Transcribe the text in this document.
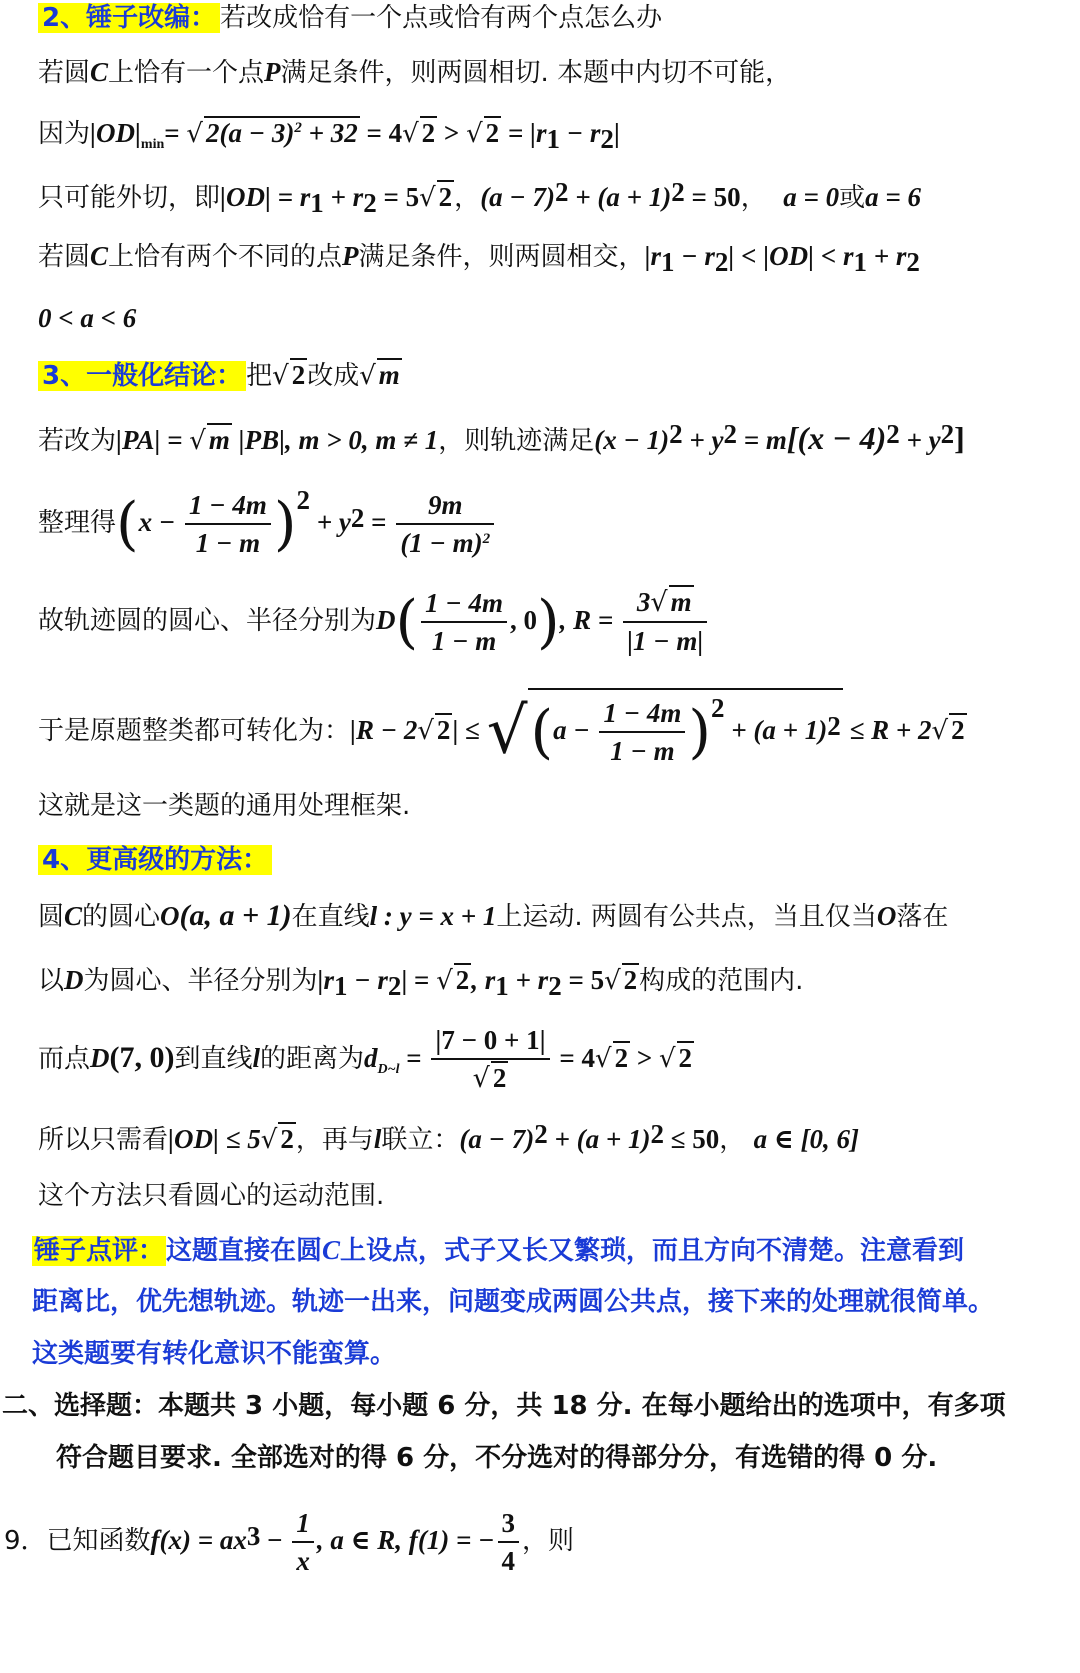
2、锤子改编： 若改成恰有一个点或恰有两个点怎么办
若圆C上恰有一个点P满足条件，则两圆相切. 本题中内切不可能，
因为$|OD|_{min}=$ √ $2(a - 3)^2 + 32 = 4√$ 2 > √ $2 = |r_1 - r_2|$
只可能外切，即$|OD| = r_1 + r_2 = 5√$ 2，$(a - 7)^2 + (a + 1)^2 = 50$， a = 0或a = 6
若圆C上恰有两个不同的点P满足条件，则两圆相交，$|r_1 - r_2| < |OD| < r_1 + r_2$
0 < a < 6
3、一般化结论： 把√ 2改成√ m
若改为|PA| = √ m |PB|, m > 0, m ≠ 1，则轨迹满足$(x - 1)^2 + y^2 = m[(x - 4)^2 + y^2]$
整理得$(x - \frac{1 - 4m}{1 - m} )^2 + y^2 = \frac{9m}{(1 - m)^2}$
故轨迹圆的圆心、半径分别为$D( \frac{1 - 4m}{1 - m}$ , 0), $R = \frac{3√ m}{|1 - m|}$
于是原题整类都可转化为：|R − 2√ $2| \le √(a - \frac{1 - 4m}{1 - m} )^2 + (a + 1)^2 \le R + 2√$ 2
这就是这一类题的通用处理框架.
4、更高级的方法：
圆C的圆心O(a, a + 1)在直线l : y = x + 1上运动. 两圆有公共点，当且仅当O落在
以D为圆心、半径分别为$|r_1 - r_2|$ = √ 2, $r_1 + r_2 = 5√$ 2构成的范围内.
而点D(7, 0)到直线l的距离为$d_{D\sim l} = \frac{|7 - 0 + 1|}{√ 2} = 4√$ 2 > √ 2
所以只需看|OD| ≤ 5√ 2，再与l联立：$(a - 7)^2 + (a + 1)^2 \le 50$， a ∈ [0, 6]
这个方法只看圆心的运动范围.
锤子点评：这题直接在圆C上设点，式子又长又繁琐，而且方向不清楚。注意看到
距离比，优先想轨迹。轨迹一出来，问题变成两圆公共点，接下来的处理就很简单。
这类题要有转化意识不能蛮算。
二、选择题：本题共 3 小题，每小题 6 分，共 18 分. 在每小题给出的选项中，有多项
符合题目要求. 全部选对的得 6 分，不分选对的得部分分，有选错的得 0 分.
9．已知函数$f(x) = ax^3 - \frac{1}{x}$ , a ∈ R, f(1) = − $\frac{3}{4}$ ，则
